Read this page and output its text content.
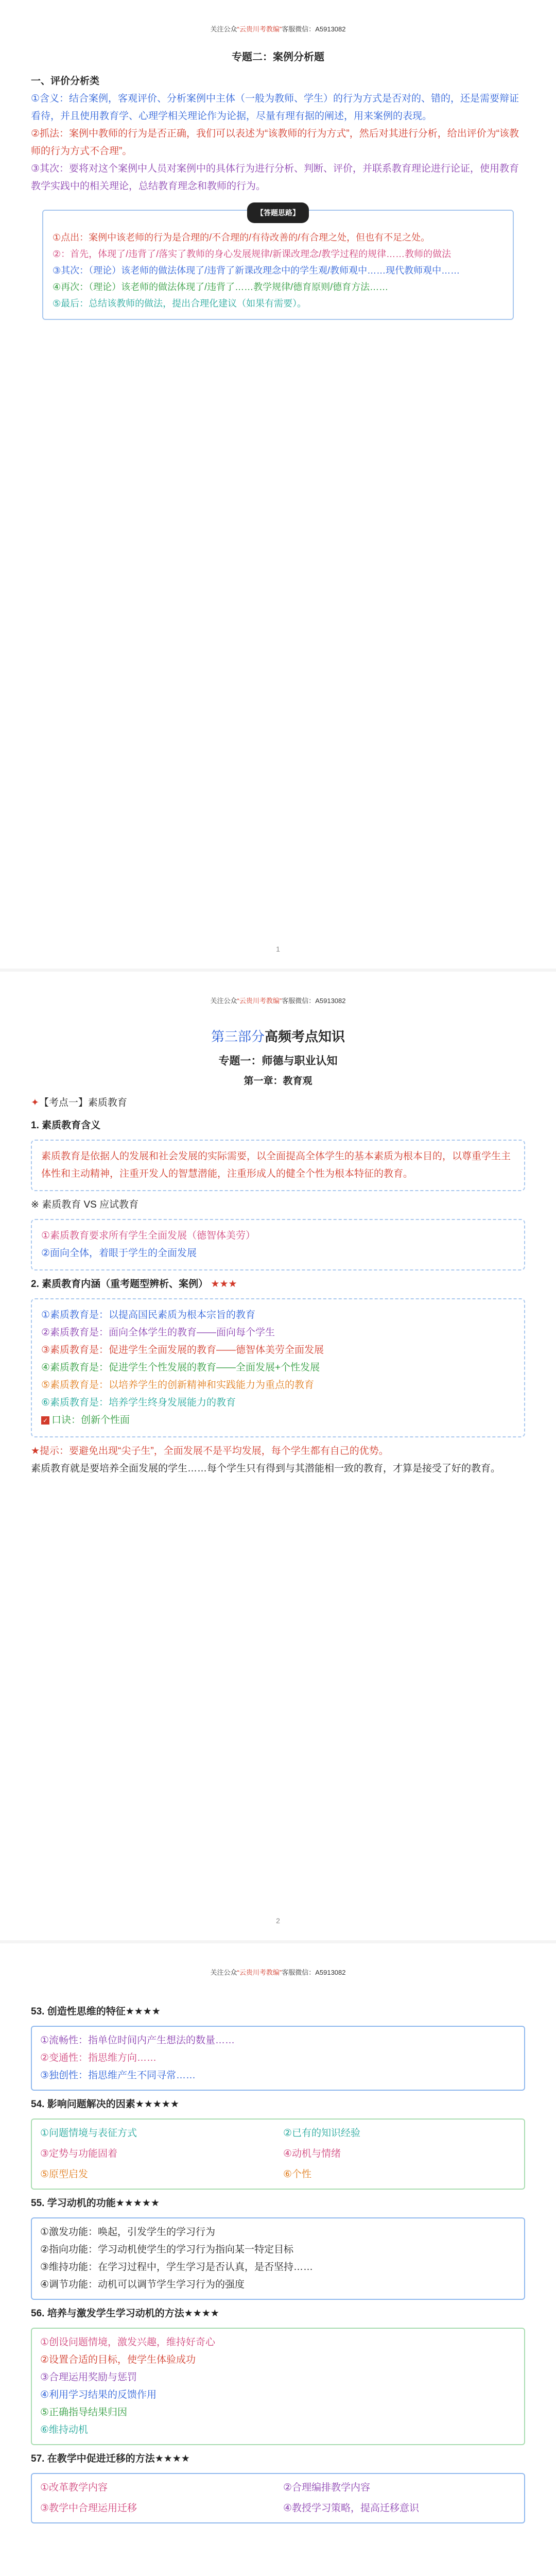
关注公众“云贵川考教编”客服微信：A5913082
专题二：案例分析题
一、评价分析类
①含义：结合案例，客观评价、分析案例中主体（一般为教师、学生）的行为方式是否对的、错的，还是需要辩证看待，并且使用教育学、心理学相关理论作为论据，尽量有理有据的阐述，用来案例的表现。
②抓法：案例中教师的行为是否正确，我们可以表述为“该教师的行为方式”，然后对其进行分析，给出评价为“该教师的行为方式不合理”。
③其次：要将对这个案例中人员对案例中的具体行为进行分析、判断、评价，并联系教育理论进行论证，使用教育教学实践中的相关理论，总结教育理念和教师的行为。
【答题思路】
①点出：案例中该老师的行为是合理的/不合理的/有待改善的/有合理之处，但也有不足之处。
②：首先，体现了/违背了/落实了教师的身心发展规律/新课改理念/教学过程的规律……教师的做法
③其次：（理论）该老师的做法体现了/违背了新课改理念中的学生观/教师观中……现代教师观中……
④再次：（理论）该老师的做法体现了/违背了……教学规律/德育原则/德育方法……
⑤最后：总结该教师的做法，提出合理化建议（如果有需要）。
1
关注公众“云贵川考教编”客服微信：A5913082
第三部分高频考点知识
专题一：师德与职业认知
第一章：教育观
✦【考点一】素质教育
1. 素质教育含义
素质教育是依据人的发展和社会发展的实际需要，以全面提高全体学生的基本素质为根本目的，以尊重学生主体性和主动精神，注重开发人的智慧潜能，注重形成人的健全个性为根本特征的教育。
※ 素质教育 VS 应试教育
①素质教育要求所有学生全面发展（德智体美劳）
②面向全体，着眼于学生的全面发展
2. 素质教育内涵（重考题型辨析、案例） ★★★
①素质教育是：以提高国民素质为根本宗旨的教育
②素质教育是：面向全体学生的教育——面向每个学生
③素质教育是：促进学生全面发展的教育——德智体美劳全面发展
④素质教育是：促进学生个性发展的教育——全面发展+个性发展
⑤素质教育是：以培养学生的创新精神和实践能力为重点的教育
⑥素质教育是：培养学生终身发展能力的教育
✓ 口诀：创新个性面
★提示：要避免出现“尖子生”，全面发展不是平均发展，每个学生都有自己的优势。
素质教育就是要培养全面发展的学生……每个学生只有得到与其潜能相一致的教育，才算是接受了好的教育。
2
关注公众“云贵川考教编”客服微信：A5913082
53. 创造性思维的特征★★★★
①流畅性：指单位时间内产生想法的数量……
②变通性：指思维方向……
③独创性：指思维产生不同寻常……
54. 影响问题解决的因素★★★★★
①问题情境与表征方式	②已有的知识经验
③定势与功能固着	④动机与情绪
⑤原型启发	⑥个性
55. 学习动机的功能★★★★★
①激发功能：唤起，引发学生的学习行为
②指向功能：学习动机使学生的学习行为指向某一特定目标
③维持功能：在学习过程中，学生学习是否认真，是否坚持……
④调节功能：动机可以调节学生学习行为的强度
56. 培养与激发学生学习动机的方法★★★★
①创设问题情境，激发兴趣，维持好奇心
②设置合适的目标，使学生体验成功
③合理运用奖励与惩罚
④利用学习结果的反馈作用
⑤正确指导结果归因
⑥维持动机
57. 在教学中促进迁移的方法★★★★
①改革教学内容	②合理编排教学内容
③教学中合理运用迁移	④教授学习策略，提高迁移意识
